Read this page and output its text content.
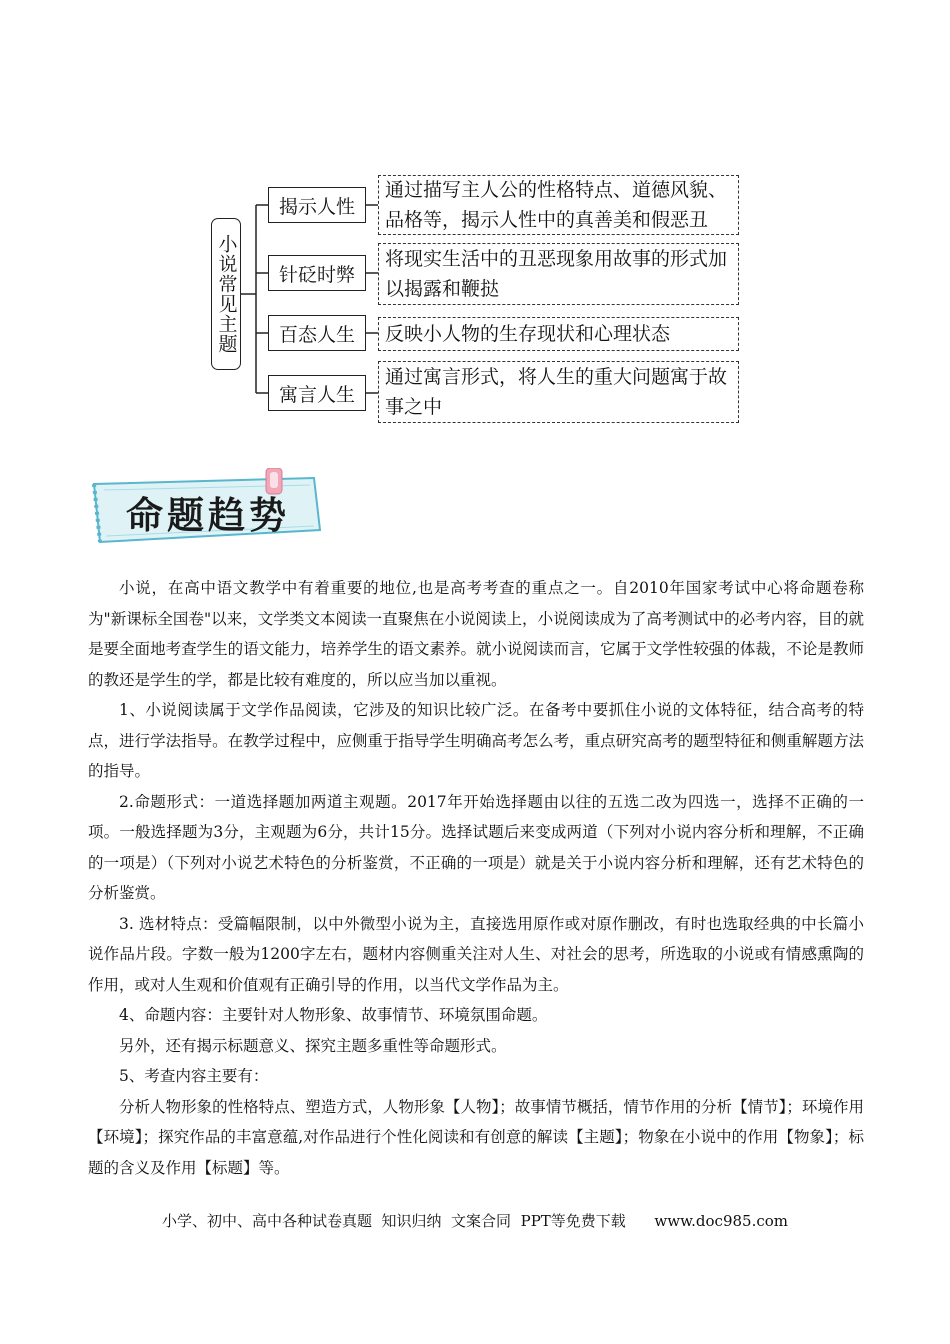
小说常见主题
揭示人性
通过描写主人公的性格特点、道德风貌、品格等，揭示人性中的真善美和假恶丑
针砭时弊
将现实生活中的丑恶现象用故事的形式加以揭露和鞭挞
百态人生 反映小人物的生存现状和心理状态
寓言人生
通过寓言形式，将人生的重大问题寓于故事之中
命题趋势

小说，在高中语文教学中有着重要的地位,也是高考考查的重点之一。自2010年国家考试中心将命题卷称为"新课标全国卷"以来，文学类文本阅读一直聚焦在小说阅读上，小说阅读成为了高考测试中的必考内容，目的就是要全面地考查学生的语文能力，培养学生的语文素养。就小说阅读而言，它属于文学性较强的体裁，不论是教师的教还是学生的学，都是比较有难度的，所以应当加以重视。

1、小说阅读属于文学作品阅读，它涉及的知识比较广泛。在备考中要抓住小说的文体特征，结合高考的特点，进行学法指导。在教学过程中，应侧重于指导学生明确高考怎么考，重点研究高考的题型特征和侧重解题方法的指导。

2.命题形式：一道选择题加两道主观题。2017年开始选择题由以往的五选二改为四选一，选择不正确的一项。一般选择题为3分，主观题为6分，共计15分。选择试题后来变成两道（下列对小说内容分析和理解，不正确的一项是）（下列对小说艺术特色的分析鉴赏，不正确的一项是）就是关于小说内容分析和理解，还有艺术特色的分析鉴赏。

3. 选材特点：受篇幅限制，以中外微型小说为主，直接选用原作或对原作删改，有时也选取经典的中长篇小说作品片段。字数一般为1200字左右，题材内容侧重关注对人生、对社会的思考，所选取的小说或有情感熏陶的作用，或对人生观和价值观有正确引导的作用，以当代文学作品为主。

4、命题内容：主要针对人物形象、故事情节、环境氛围命题。

另外，还有揭示标题意义、探究主题多重性等命题形式。

5、考查内容主要有：

分析人物形象的性格特点、塑造方式，人物形象【人物】；故事情节概括，情节作用的分析【情节】；环境作用【环境】；探究作品的丰富意蕴,对作品进行个性化阅读和有创意的解读【主题】；物象在小说中的作用【物象】；标题的含义及作用【标题】等。

小学、初中、高中各种试卷真题  知识归纳  文案合同  PPT等免费下载 www.doc985.com
